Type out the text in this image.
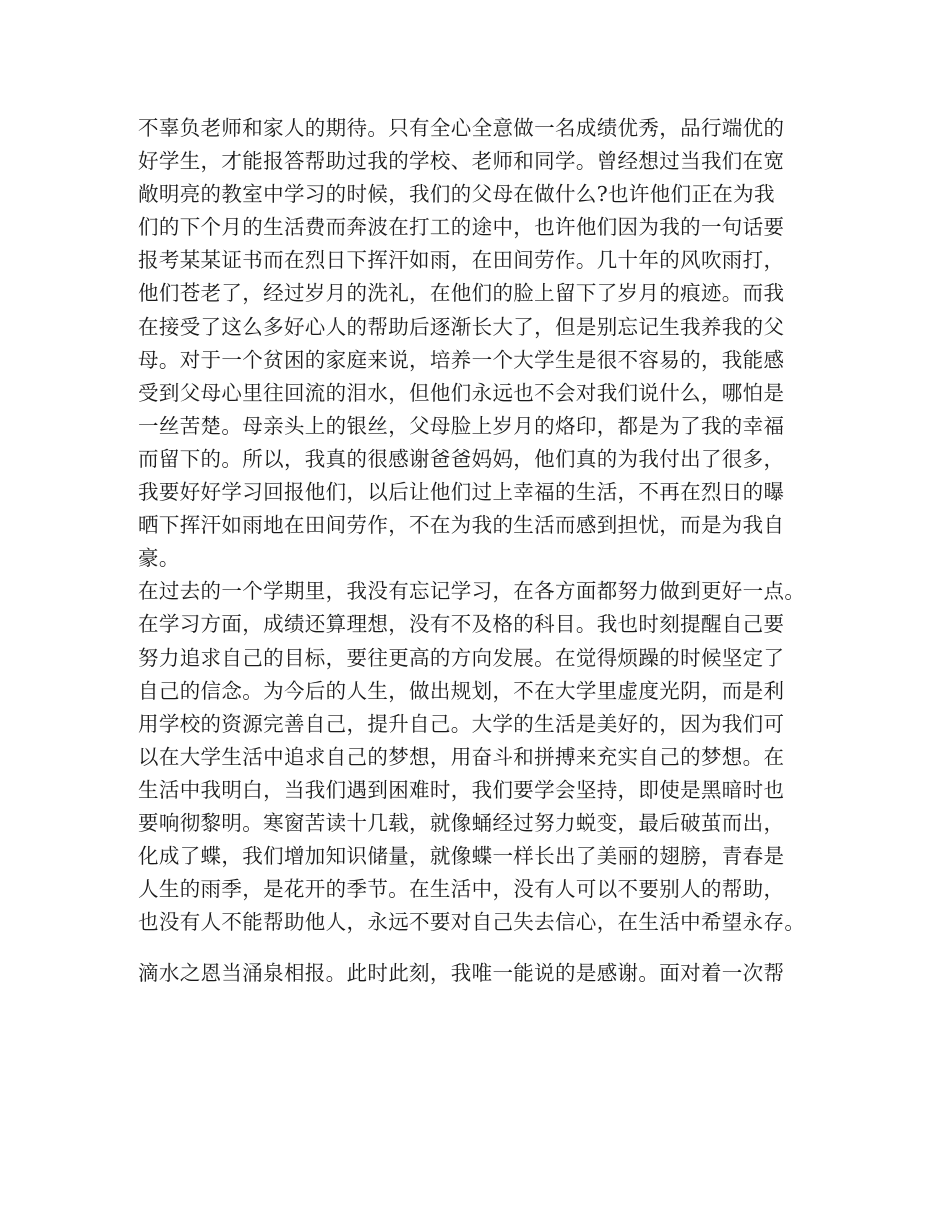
不辜负老师和家人的期待。只有全心全意做一名成绩优秀，品行端优的

好学生，才能报答帮助过我的学校、老师和同学。曾经想过当我们在宽

敞明亮的教室中学习的时候，我们的父母在做什么?也许他们正在为我

们的下个月的生活费而奔波在打工的途中，也许他们因为我的一句话要

报考某某证书而在烈日下挥汗如雨，在田间劳作。几十年的风吹雨打，

他们苍老了，经过岁月的洗礼，在他们的脸上留下了岁月的痕迹。而我

在接受了这么多好心人的帮助后逐渐长大了，但是别忘记生我养我的父

母。对于一个贫困的家庭来说，培养一个大学生是很不容易的，我能感

受到父母心里往回流的泪水，但他们永远也不会对我们说什么，哪怕是

一丝苦楚。母亲头上的银丝，父母脸上岁月的烙印，都是为了我的幸福

而留下的。所以，我真的很感谢爸爸妈妈，他们真的为我付出了很多，

我要好好学习回报他们，以后让他们过上幸福的生活，不再在烈日的曝

晒下挥汗如雨地在田间劳作，不在为我的生活而感到担忧，而是为我自

豪。

在过去的一个学期里，我没有忘记学习，在各方面都努力做到更好一点。

在学习方面，成绩还算理想，没有不及格的科目。我也时刻提醒自己要

努力追求自己的目标，要往更高的方向发展。在觉得烦躁的时候坚定了

自己的信念。为今后的人生，做出规划，不在大学里虚度光阴，而是利

用学校的资源完善自己，提升自己。大学的生活是美好的，因为我们可

以在大学生活中追求自己的梦想，用奋斗和拼搏来充实自己的梦想。在

生活中我明白，当我们遇到困难时，我们要学会坚持，即使是黑暗时也

要响彻黎明。寒窗苦读十几载，就像蛹经过努力蜕变，最后破茧而出，

化成了蝶，我们增加知识储量，就像蝶一样长出了美丽的翅膀，青春是

人生的雨季，是花开的季节。在生活中，没有人可以不要别人的帮助，

也没有人不能帮助他人，永远不要对自己失去信心，在生活中希望永存。

滴水之恩当涌泉相报。此时此刻，我唯一能说的是感谢。面对着一次帮
